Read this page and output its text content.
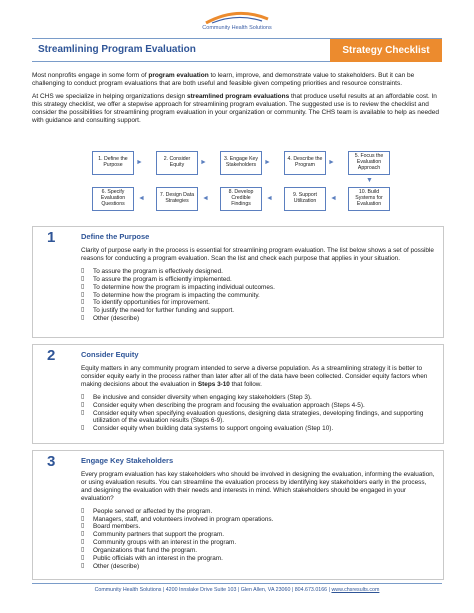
Community Health Solutions
Streamlining Program Evaluation	Strategy Checklist

Most nonprofits engage in some form of program evaluation to learn, improve, and demonstrate value to stakeholders. But it can be challenging to conduct program evaluations that are both useful and feasible given competing priorities and resource constraints.

At CHS we specialize in helping organizations design streamlined program evaluations that produce useful results at an affordable cost. In this strategy checklist, we offer a stepwise approach for streamlining program evaluation. The suggested use is to review the checklist and consider the possibilities for streamlining program evaluation in your organization or community. The CHS team is available to help as needed with guidance and consulting support.

1. Define the Purpose	►	2. Consider Equity	►	3. Engage Key Stakeholders	►	4. Describe the Program	►
5. Focus the Evaluation Approach
▼
10. Build Systems for Evaluation
◄
9. Support Utilization
◄
8. Develop Credible Findings
◄
7. Design Data Strategies
◄
6. Specify Evaluation Questions
1	Define the Purpose

Clarity of purpose early in the process is essential for streamlining program evaluation. The list below shows a set of possible reasons for conducting a program evaluation. Scan the list and check each purpose that applies in your situation.

▯	To assure the program is effectively designed.
▯	To assure the program is efficiently implemented.
▯	To determine how the program is impacting individual outcomes.
▯	To determine how the program is impacting the community.
▯	To identify opportunities for improvement.
▯	To justify the need for further funding and support.
▯	Other (describe)
2	Consider Equity

Equity matters in any community program intended to serve a diverse population. As a streamlining strategy it is better to consider equity early in the process rather than later after all of the data have been collected. Consider equity factors when making decisions about the evaluation in Steps 3-10 that follow.

▯	Be inclusive and consider diversity when engaging key stakeholders (Step 3).
▯	Consider equity when describing the program and focusing the evaluation approach (Steps 4-5).
▯	Consider equity when specifying evaluation questions, designing data strategies, developing findings, and supporting utilization of the evaluation results (Steps 6-9).
▯	Consider equity when building data systems to support ongoing evaluation (Step 10).
3	Engage Key Stakeholders

Every program evaluation has key stakeholders who should be involved in designing the evaluation, informing the evaluation, or using evaluation results. You can streamline the evaluation process by identifying key stakeholders early in the process, and designing the evaluation with their needs and interests in mind. Which stakeholders should be engaged in your evaluation?

▯	People served or affected by the program.
▯	Managers, staff, and volunteers involved in program operations.
▯	Board members.
▯	Community partners that support the program.
▯	Community groups with an interest in the program.
▯	Organizations that fund the program.
▯	Public officials with an interest in the program.
▯	Other (describe)
Community Health Solutions | 4200 Innslake Drive Suite 103 | Glen Allen, VA 23060 | 804.673.0166 | www.chsresults.com
